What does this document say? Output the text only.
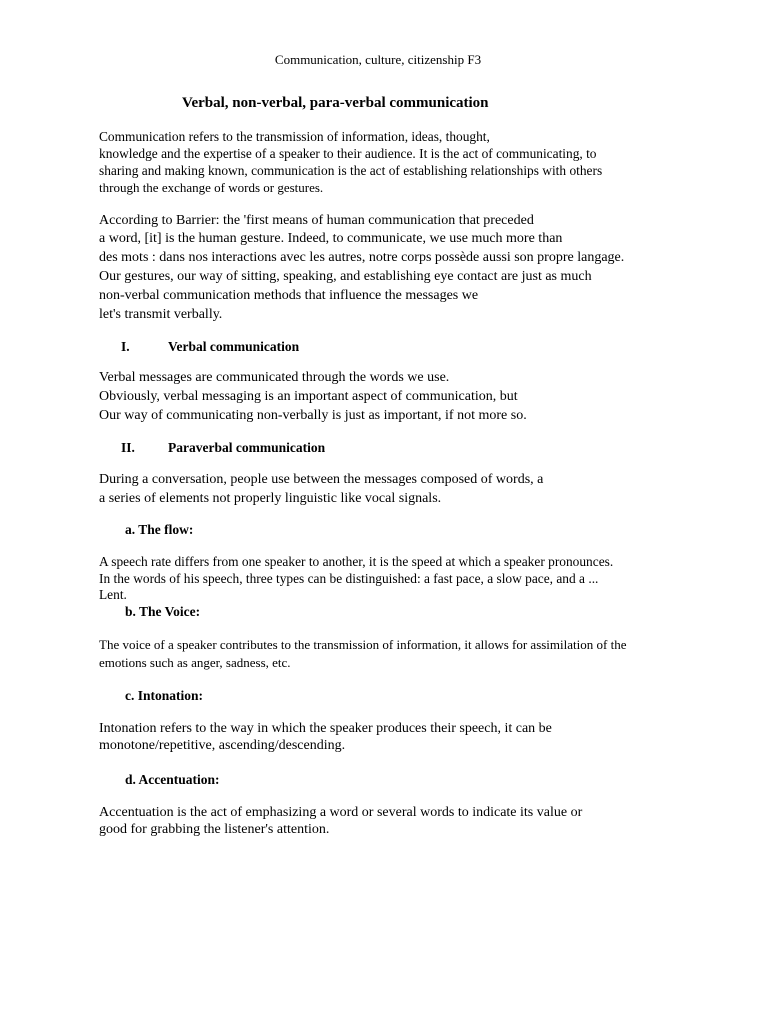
Communication, culture, citizenship F3
Verbal, non-verbal, para-verbal communication
Communication refers to the transmission of information, ideas, thought,
knowledge and the expertise of a speaker to their audience. It is the act of communicating, to
sharing and making known, communication is the act of establishing relationships with others
through the exchange of words or gestures.
According to Barrier: the 'first means of human communication that preceded
a word, [it] is the human gesture. Indeed, to communicate, we use much more than
des mots : dans nos interactions avec les autres, notre corps possède aussi son propre langage.
Our gestures, our way of sitting, speaking, and establishing eye contact are just as much
non-verbal communication methods that influence the messages we
let's transmit verbally.
I.	Verbal communication
Verbal messages are communicated through the words we use.
Obviously, verbal messaging is an important aspect of communication, but
Our way of communicating non-verbally is just as important, if not more so.
II. Paraverbal communication
During a conversation, people use between the messages composed of words, a
a series of elements not properly linguistic like vocal signals.
a. The flow:
A speech rate differs from one speaker to another, it is the speed at which a speaker pronounces.
In the words of his speech, three types can be distinguished: a fast pace, a slow pace, and a ...
Lent.
b. The Voice:
The voice of a speaker contributes to the transmission of information, it allows for assimilation of the
emotions such as anger, sadness, etc.
c. Intonation:
Intonation refers to the way in which the speaker produces their speech, it can be
monotone/repetitive, ascending/descending.
d. Accentuation:
Accentuation is the act of emphasizing a word or several words to indicate its value or
good for grabbing the listener's attention.
